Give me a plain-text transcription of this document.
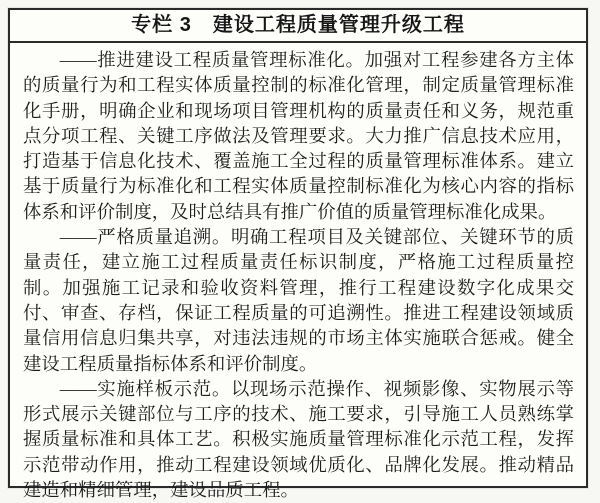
专栏 3　建设工程质量管理升级工程

——推进建设工程质量管理标准化。加强对工程参建各方主体的质量行为和工程实体质量控制的标准化管理，制定质量管理标准化手册，明确企业和现场项目管理机构的质量责任和义务，规范重点分项工程、关键工序做法及管理要求。大力推广信息技术应用，打造基于信息化技术、覆盖施工全过程的质量管理标准体系。建立基于质量行为标准化和工程实体质量控制标准化为核心内容的指标体系和评价制度，及时总结具有推广价值的质量管理标准化成果。

——严格质量追溯。明确工程项目及关键部位、关键环节的质量责任，建立施工过程质量责任标识制度，严格施工过程质量控制。加强施工记录和验收资料管理，推行工程建设数字化成果交付、审查、存档，保证工程质量的可追溯性。推进工程建设领域质量信用信息归集共享，对违法违规的市场主体实施联合惩戒。健全建设工程质量指标体系和评价制度。

——实施样板示范。以现场示范操作、视频影像、实物展示等形式展示关键部位与工序的技术、施工要求，引导施工人员熟练掌握质量标准和具体工艺。积极实施质量管理标准化示范工程，发挥示范带动作用，推动工程建设领域优质化、品牌化发展。推动精品建造和精细管理，建设品质工程。
